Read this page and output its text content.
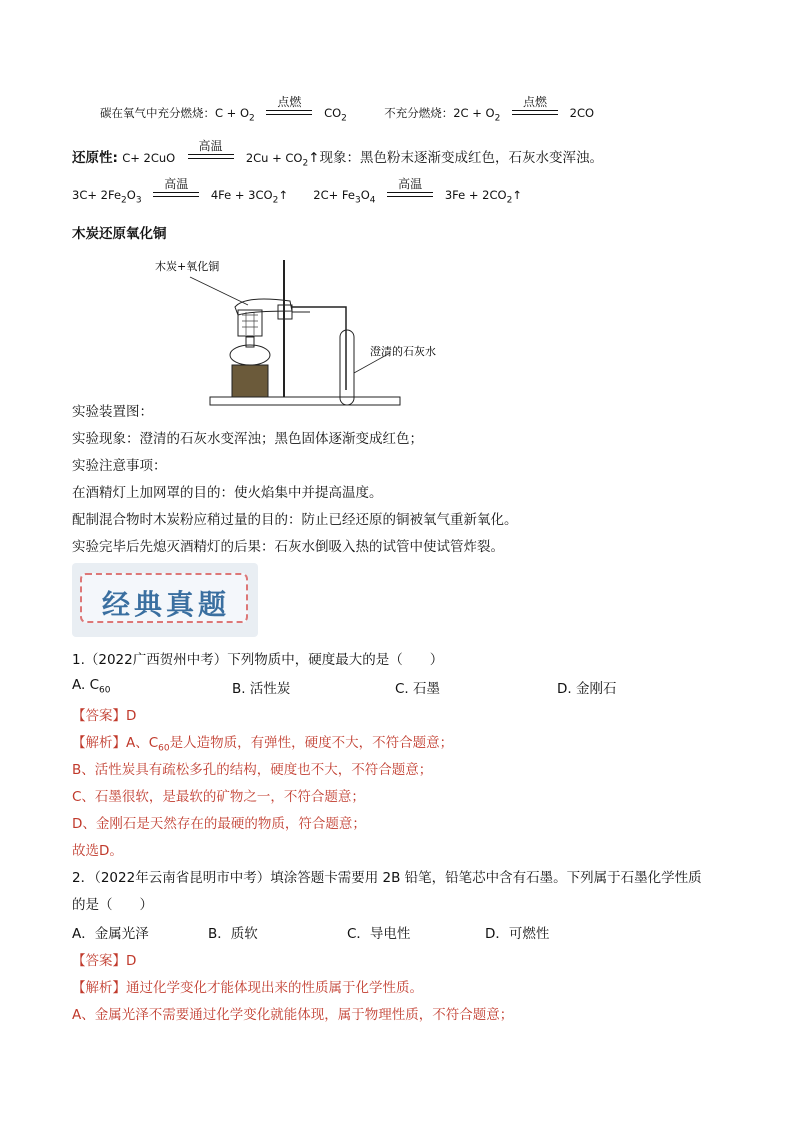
碳在氧气中充分燃烧：$C + O_2$
点燃
$CO_2$	不充分燃烧：$2C + O_2$
点燃
2CO
还原性: C+ 2CuO
高温
$2Cu + CO_2↑$现象：黑色粉末逐渐变成红色，石灰水变浑浊。
$3C+ 2Fe_2O_3$
高温
$4Fe + 3CO_2↑$  $2C+ Fe_3O_4$
高温
$3Fe + 2CO_2↑$
木炭还原氧化铜
木炭+氧化铜
澄清的石灰水
实验装置图：
实验现象：澄清的石灰水变浑浊；黑色固体逐渐变成红色；
实验注意事项：
在酒精灯上加网罩的目的：使火焰集中并提高温度。
配制混合物时木炭粉应稍过量的目的：防止已经还原的铜被氧气重新氧化。
实验完毕后先熄灭酒精灯的后果：石灰水倒吸入热的试管中使试管炸裂。
经典真题
1.（2022广西贺州中考）下列物质中，硬度最大的是（　　）
A. $C_{60}$	B. 活性炭	C. 石墨	D. 金刚石
【答案】D
【解析】A、$C_{60}$是人造物质，有弹性，硬度不大，不符合题意；
B、活性炭具有疏松多孔的结构，硬度也不大，不符合题意；
C、石墨很软，是最软的矿物之一，不符合题意；
D、金刚石是天然存在的最硬的物质，符合题意；
故选D。
2．（2022年云南省昆明市中考）填涂答题卡需要用 2B 铅笔，铅笔芯中含有石墨。下列属于石墨化学性质
的是（　　）
A．金属光泽	B．质软	C．导电性	D．可燃性
【答案】D
【解析】通过化学变化才能体现出来的性质属于化学性质。
A、金属光泽不需要通过化学变化就能体现，属于物理性质，不符合题意；
